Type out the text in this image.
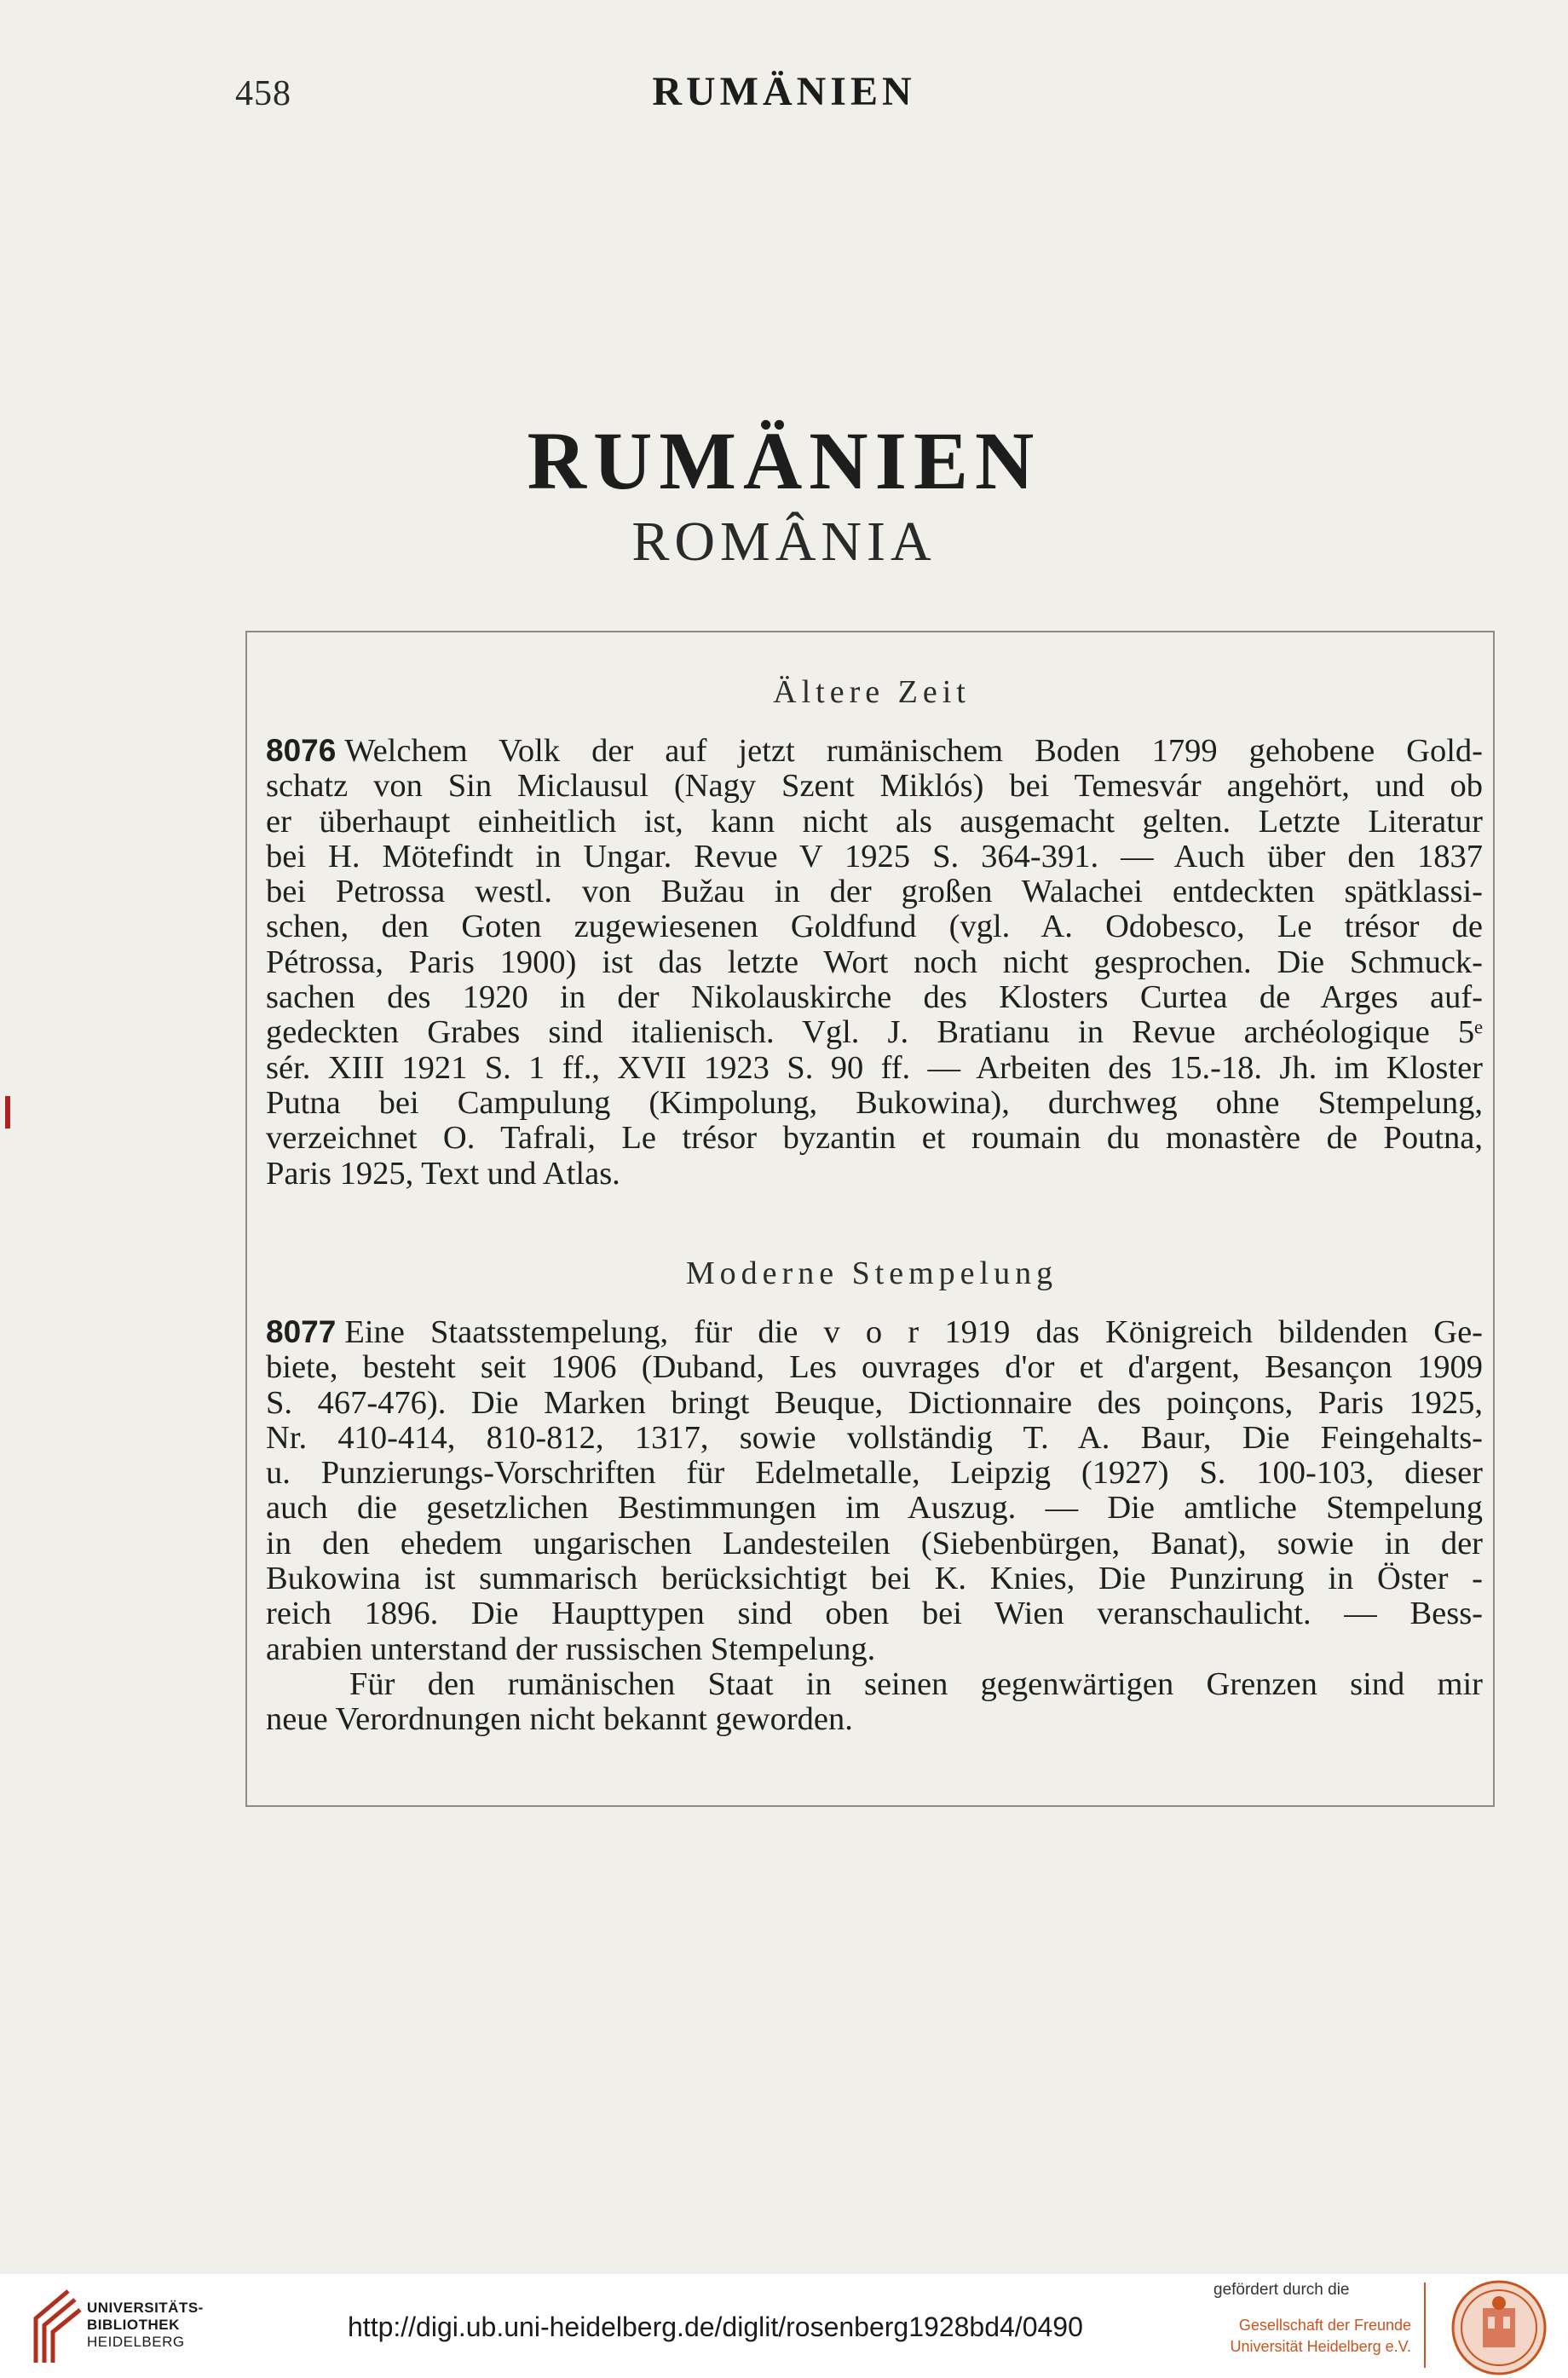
458	RUMÄNIEN
RUMÄNIEN
ROMÂNIA
Ältere Zeit
8076 Welchem Volk der auf jetzt rumänischem Boden 1799 gehobene Gold-
schatz von Sin Miclausul (Nagy Szent Miklós) bei Temesvár angehört, und ob
er überhaupt einheitlich ist, kann nicht als ausgemacht gelten. Letzte Literatur
bei H. Mötefindt in Ungar. Revue V 1925 S. 364-391. — Auch über den 1837
bei Petrossa westl. von Bužau in der großen Walachei entdeckten spätklassi-
schen, den Goten zugewiesenen Goldfund (vgl. A. Odobesco, Le trésor de
Pétrossa, Paris 1900) ist das letzte Wort noch nicht gesprochen. Die Schmuck-
sachen des 1920 in der Nikolauskirche des Klosters Curtea de Arges auf-
gedeckten Grabes sind italienisch. Vgl. J. Bratianu in Revue archéologique 5ᵉ
sér. XIII 1921 S. 1 ff., XVII 1923 S. 90 ff. — Arbeiten des 15.-18. Jh. im Kloster
Putna bei Campulung (Kimpolung, Bukowina), durchweg ohne Stempelung,
verzeichnet O. Tafrali, Le trésor byzantin et roumain du monastère de Poutna,
Paris 1925, Text und Atlas.
Moderne Stempelung
8077 Eine Staatsstempelung, für die v o r 1919 das Königreich bildenden Ge-
biete, besteht seit 1906 (Duband, Les ouvrages d'or et d'argent, Besançon 1909
S. 467-476). Die Marken bringt Beuque, Dictionnaire des poinçons, Paris 1925,
Nr. 410-414, 810-812, 1317, sowie vollständig T. A. Baur, Die Feingehalts-
u. Punzierungs-Vorschriften für Edelmetalle, Leipzig (1927) S. 100-103, dieser
auch die gesetzlichen Bestimmungen im Auszug. — Die amtliche Stempelung
in den ehedem ungarischen Landesteilen (Siebenbürgen, Banat), sowie in der
Bukowina ist summarisch berücksichtigt bei K. Knies, Die Punzirung in Öster -
reich 1896. Die Haupttypen sind oben bei Wien veranschaulicht. — Bess-
arabien unterstand der russischen Stempelung.
Für den rumänischen Staat in seinen gegenwärtigen Grenzen sind mir
neue Verordnungen nicht bekannt geworden.
UNIVERSITÄTS-
BIBLIOTHEK
HEIDELBERG	http://digi.ub.uni-heidelberg.de/diglit/rosenberg1928bd4/0490
gefördert durch die
Gesellschaft der Freunde
Universität Heidelberg e.V.
